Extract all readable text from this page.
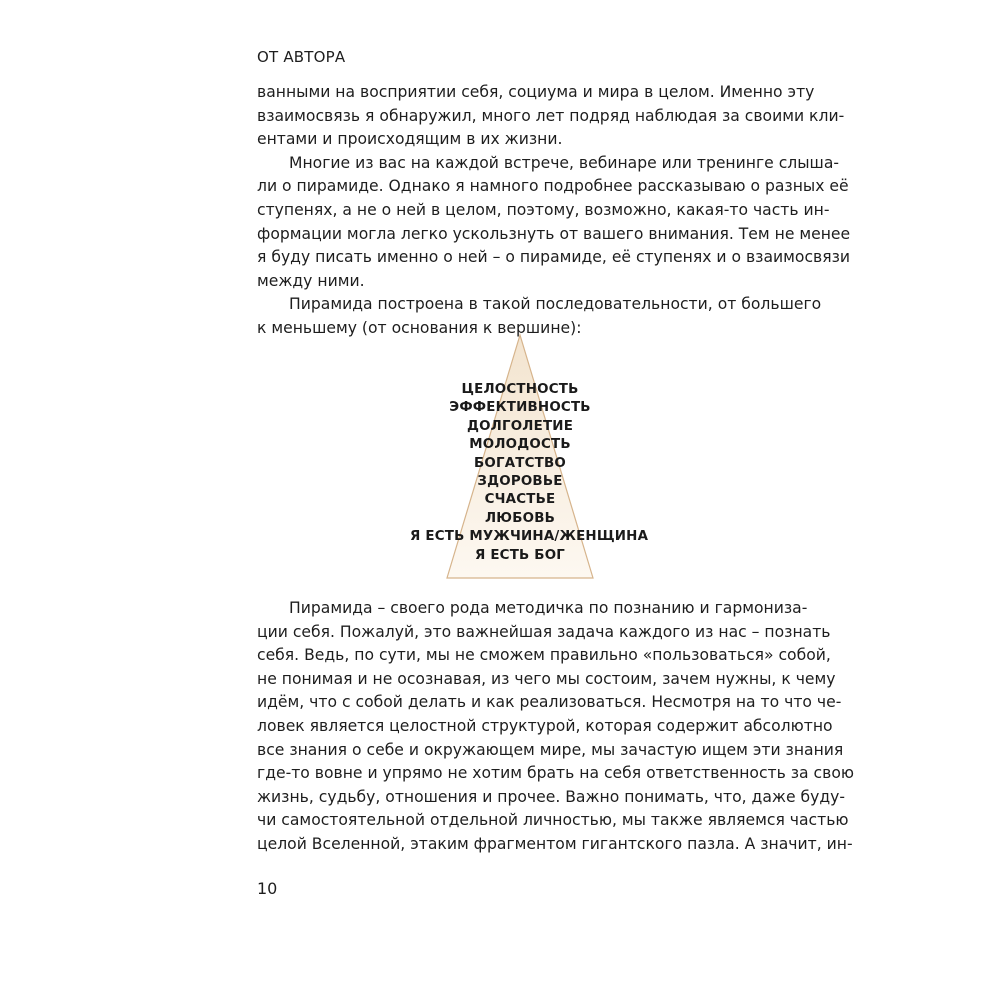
ОТ АВТОРА
ванными на восприятии себя, социума и мира в целом. Именно эту
взаимосвязь я обнаружил, много лет подряд наблюдая за своими кли-
ентами и происходящим в их жизни.
Многие из вас на каждой встрече, вебинаре или тренинге слыша-
ли о пирамиде. Однако я намного подробнее рассказываю о разных её
ступенях, а не о ней в целом, поэтому, возможно, какая-то часть ин-
формации могла легко ускользнуть от вашего внимания. Тем не менее
я буду писать именно о ней – о пирамиде, её ступенях и о взаимосвязи
между ними.
Пирамида построена в такой последовательности, от большего
к меньшему (от основания к вершине):
ЦЕЛОСТНОСТЬ
ЭФФЕКТИВНОСТЬ
ДОЛГОЛЕТИЕ
МОЛОДОСТЬ
БОГАТСТВО
ЗДОРОВЬЕ
СЧАСТЬЕ
ЛЮБОВЬ
Я ЕСТЬ МУЖЧИНА/ЖЕНЩИНА
Я ЕСТЬ БОГ
Пирамида – своего рода методичка по познанию и гармониза-
ции себя. Пожалуй, это важнейшая задача каждого из нас – познать
себя. Ведь, по сути, мы не сможем правильно «пользоваться» собой,
не понимая и не осознавая, из чего мы состоим, зачем нужны, к чему
идём, что с собой делать и как реализоваться. Несмотря на то что че-
ловек является целостной структурой, которая содержит абсолютно
все знания о себе и окружающем мире, мы зачастую ищем эти знания
где-то вовне и упрямо не хотим брать на себя ответственность за свою
жизнь, судьбу, отношения и прочее. Важно понимать, что, даже буду-
чи самостоятельной отдельной личностью, мы также являемся частью
целой Вселенной, этаким фрагментом гигантского пазла. А значит, ин-
10
